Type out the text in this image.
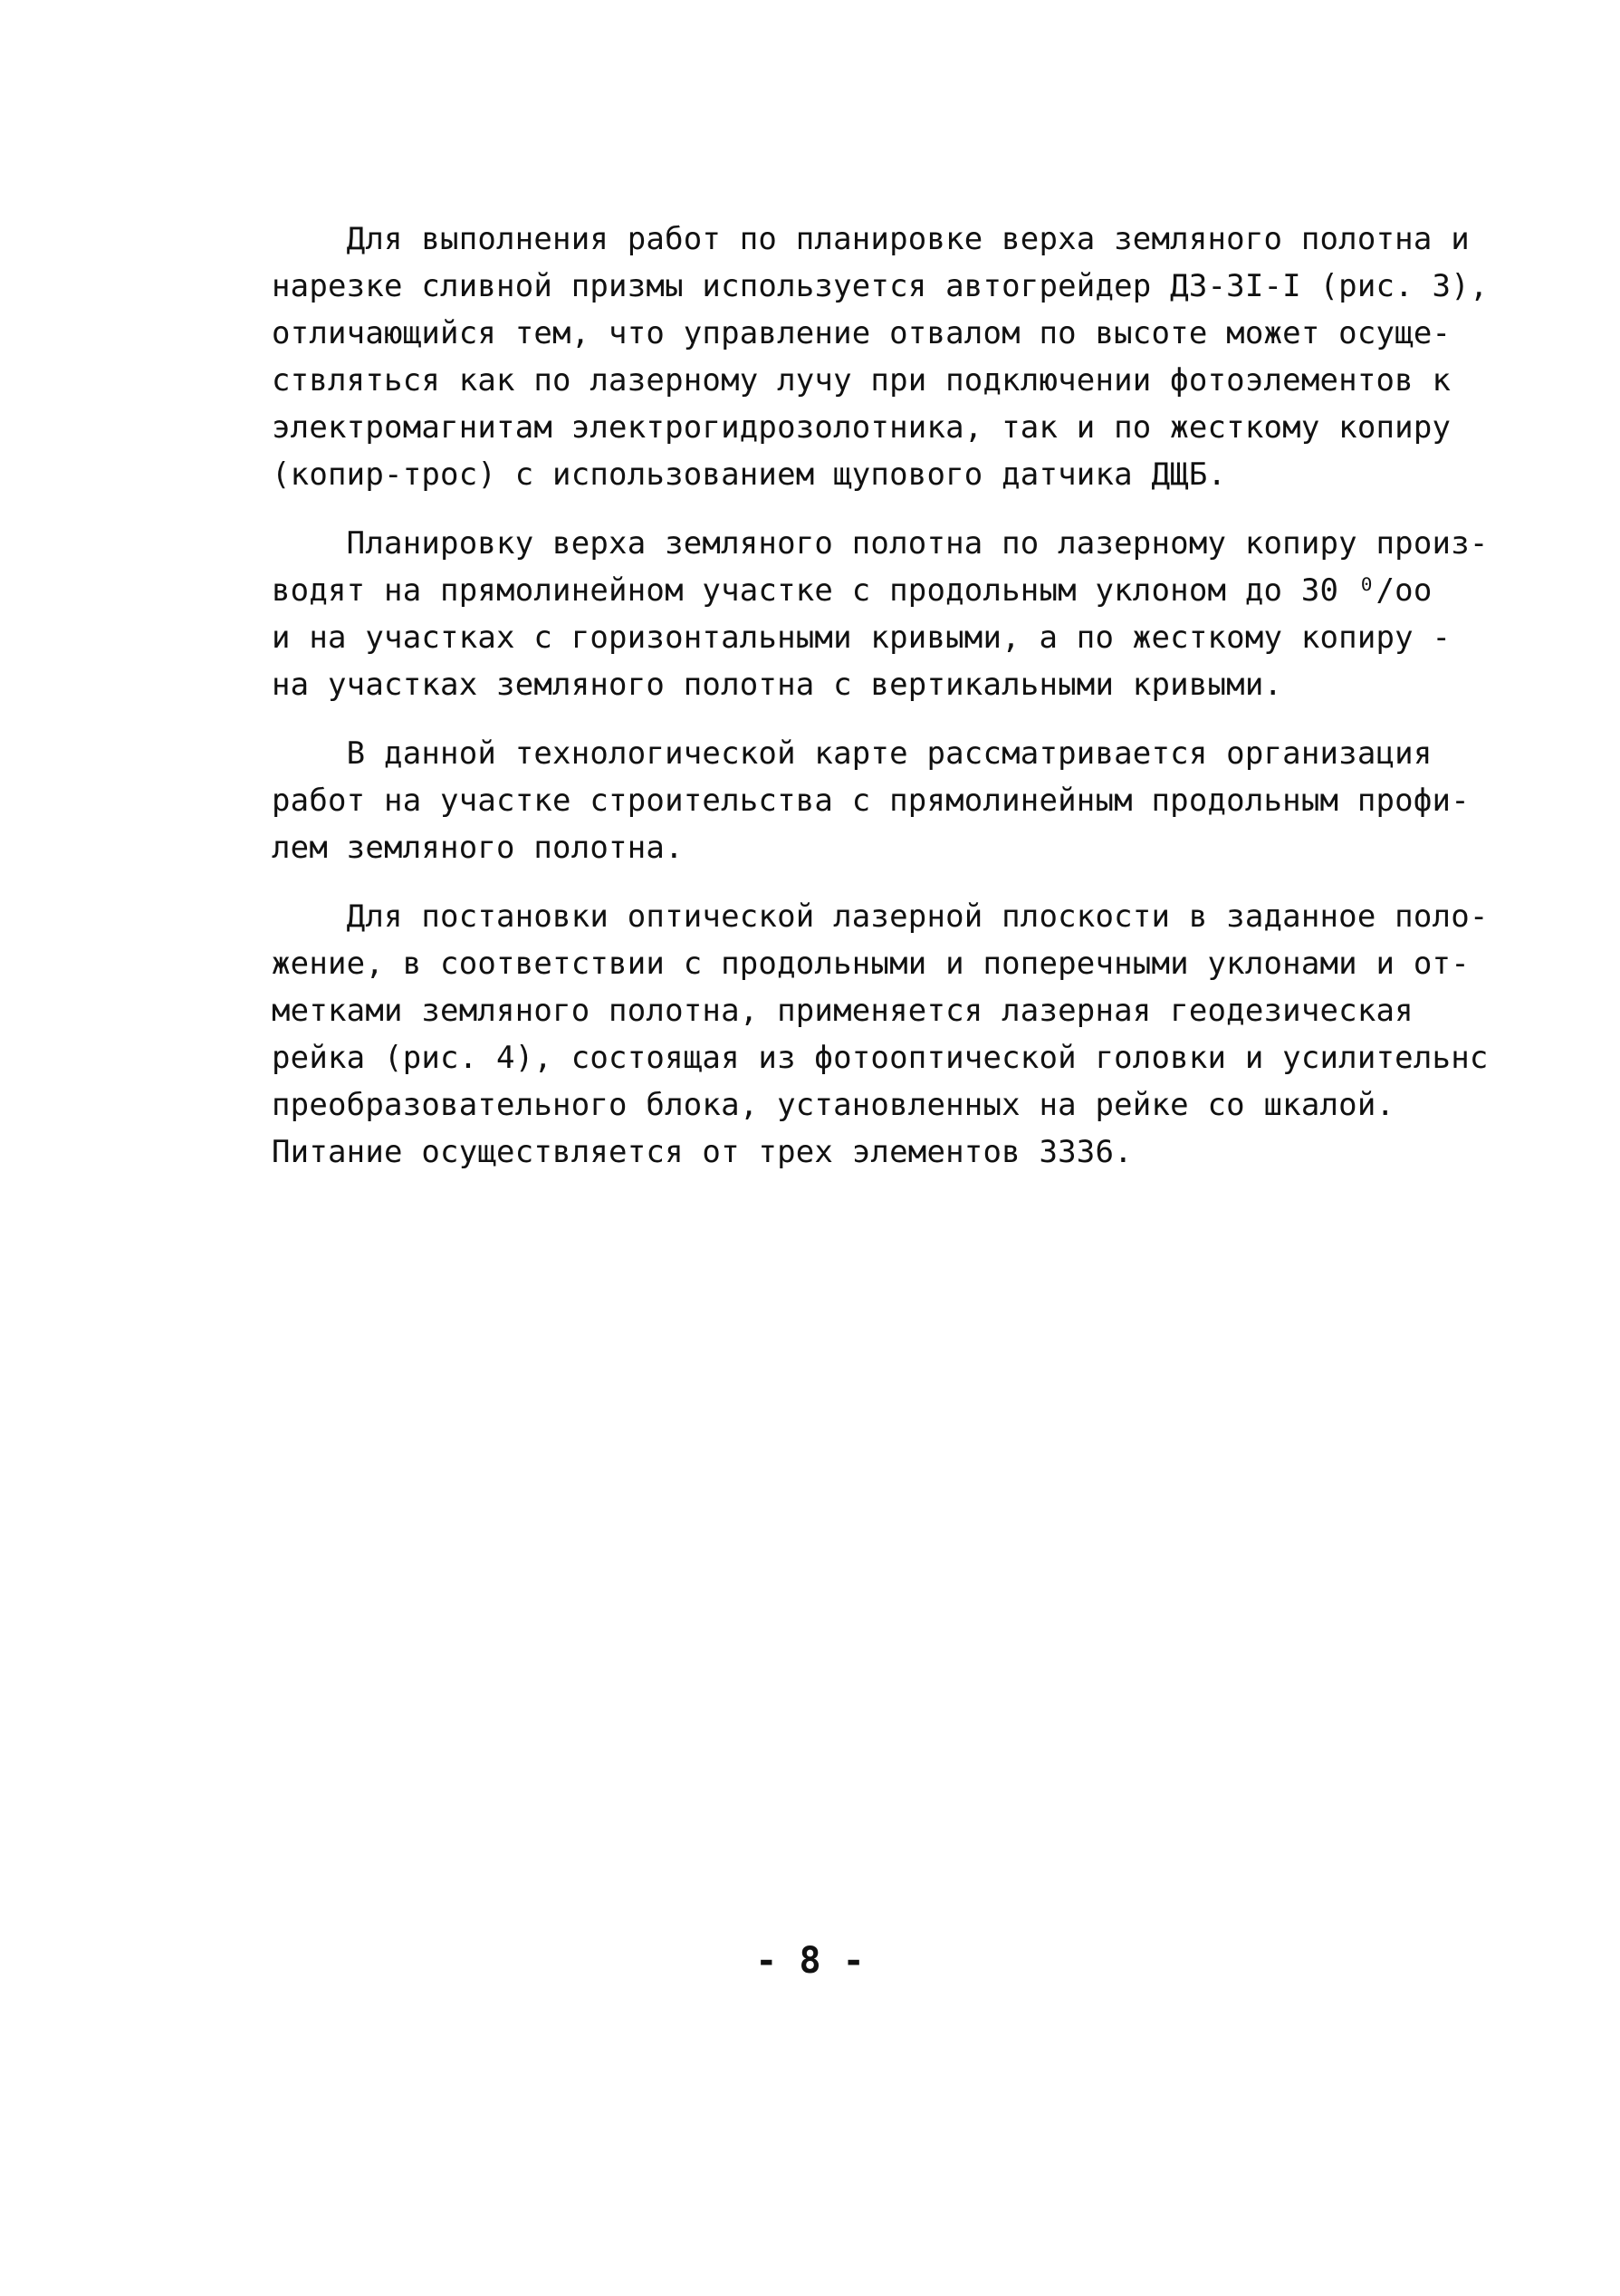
Для выполнения работ по планировке верха земляного полотна и
нарезке сливной призмы используется автогрейдер ДЗ-3I-I (рис. 3),
отличающийся тем, что управление отвалом по высоте может осуще-
ствляться как по лазерному лучу при подключении фотоэлементов к
электромагнитам электрогидрозолотника, так и по жесткому копиру
(копир-трос) с использованием щупового датчика ДЩБ.
Планировку верха земляного полотна по лазерному копиру произ-
водят на прямолинейном участке с продольным уклоном до 30 ⁰/оо
и на участках с горизонтальными кривыми, а по жесткому копиру -
на участках земляного полотна с вертикальными кривыми.
В данной технологической карте рассматривается организация
работ на участке строительства с прямолинейным продольным профи-
лем земляного полотна.
Для постановки оптической лазерной плоскости в заданное поло-
жение, в соответствии с продольными и поперечными уклонами и от-
метками земляного полотна, применяется лазерная геодезическая
рейка (рис. 4), состоящая из фотооптической головки и усилительнс
преобразовательного блока, установленных на рейке со шкалой.
Питание осуществляется от трех элементов 3336.
- 8 -
